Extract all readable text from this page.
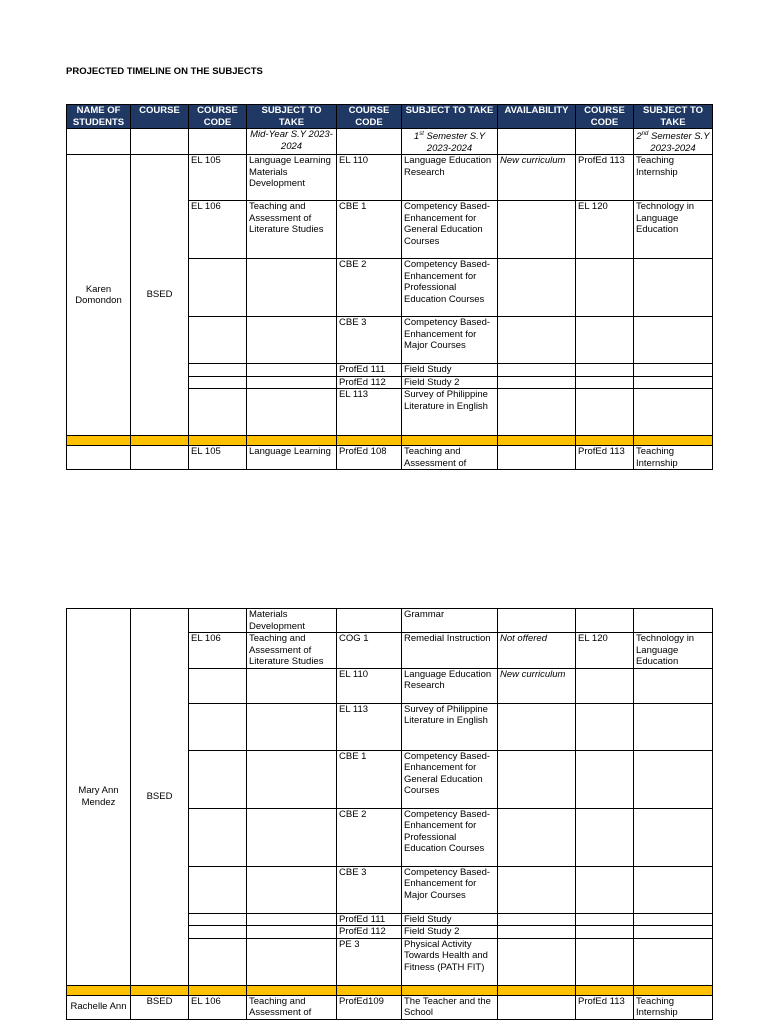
PROJECTED TIMELINE ON THE SUBJECTS
NAME OF STUDENTS	COURSE	COURSE CODE	SUBJECT TO TAKE	COURSE CODE	SUBJECT TO TAKE	AVAILABILITY	COURSE CODE	SUBJECT TO TAKE
			Mid-Year S.Y 2023-2024		1st Semester S.Y 2023-2024			2nd Semester S.Y 2023-2024
Karen Domondon	BSED	EL 105	Language Learning Materials Development	EL 110	Language Education Research	New curriculum	ProfEd 113	Teaching Internship
		EL 106	Teaching and Assessment of Literature Studies	CBE 1	Competency Based-Enhancement for General Education Courses		EL 120	Technology in Language Education
				CBE 2	Competency Based-Enhancement for Professional Education Courses			
				CBE 3	Competency Based-Enhancement for Major Courses			
				ProfEd 111	Field Study			
				ProfEd 112	Field Study 2			
				EL 113	Survey of Philippine Literature in English			

		EL 105	Language Learning	ProfEd 108	Teaching and Assessment of		ProfEd 113	Teaching Internship
Mary Ann Mendez	BSED		Materials Development		Grammar			
		EL 106	Teaching and Assessment of Literature Studies	COG 1	Remedial Instruction	Not offered	EL 120	Technology in Language Education
				EL 110	Language Education Research	New curriculum		
				EL 113	Survey of Philippine Literature in English			
				CBE 1	Competency Based-Enhancement for General Education Courses			
				CBE 2	Competency Based-Enhancement for Professional Education Courses			
				CBE 3	Competency Based-Enhancement for Major Courses			
				ProfEd 111	Field Study			
				ProfEd 112	Field Study 2			
				PE 3	Physical Activity Towards Health and Fitness (PATH FIT)			

Rachelle Ann	BSED	EL 106	Teaching and Assessment of	ProfEd109	The Teacher and the School		ProfEd 113	Teaching Internship
